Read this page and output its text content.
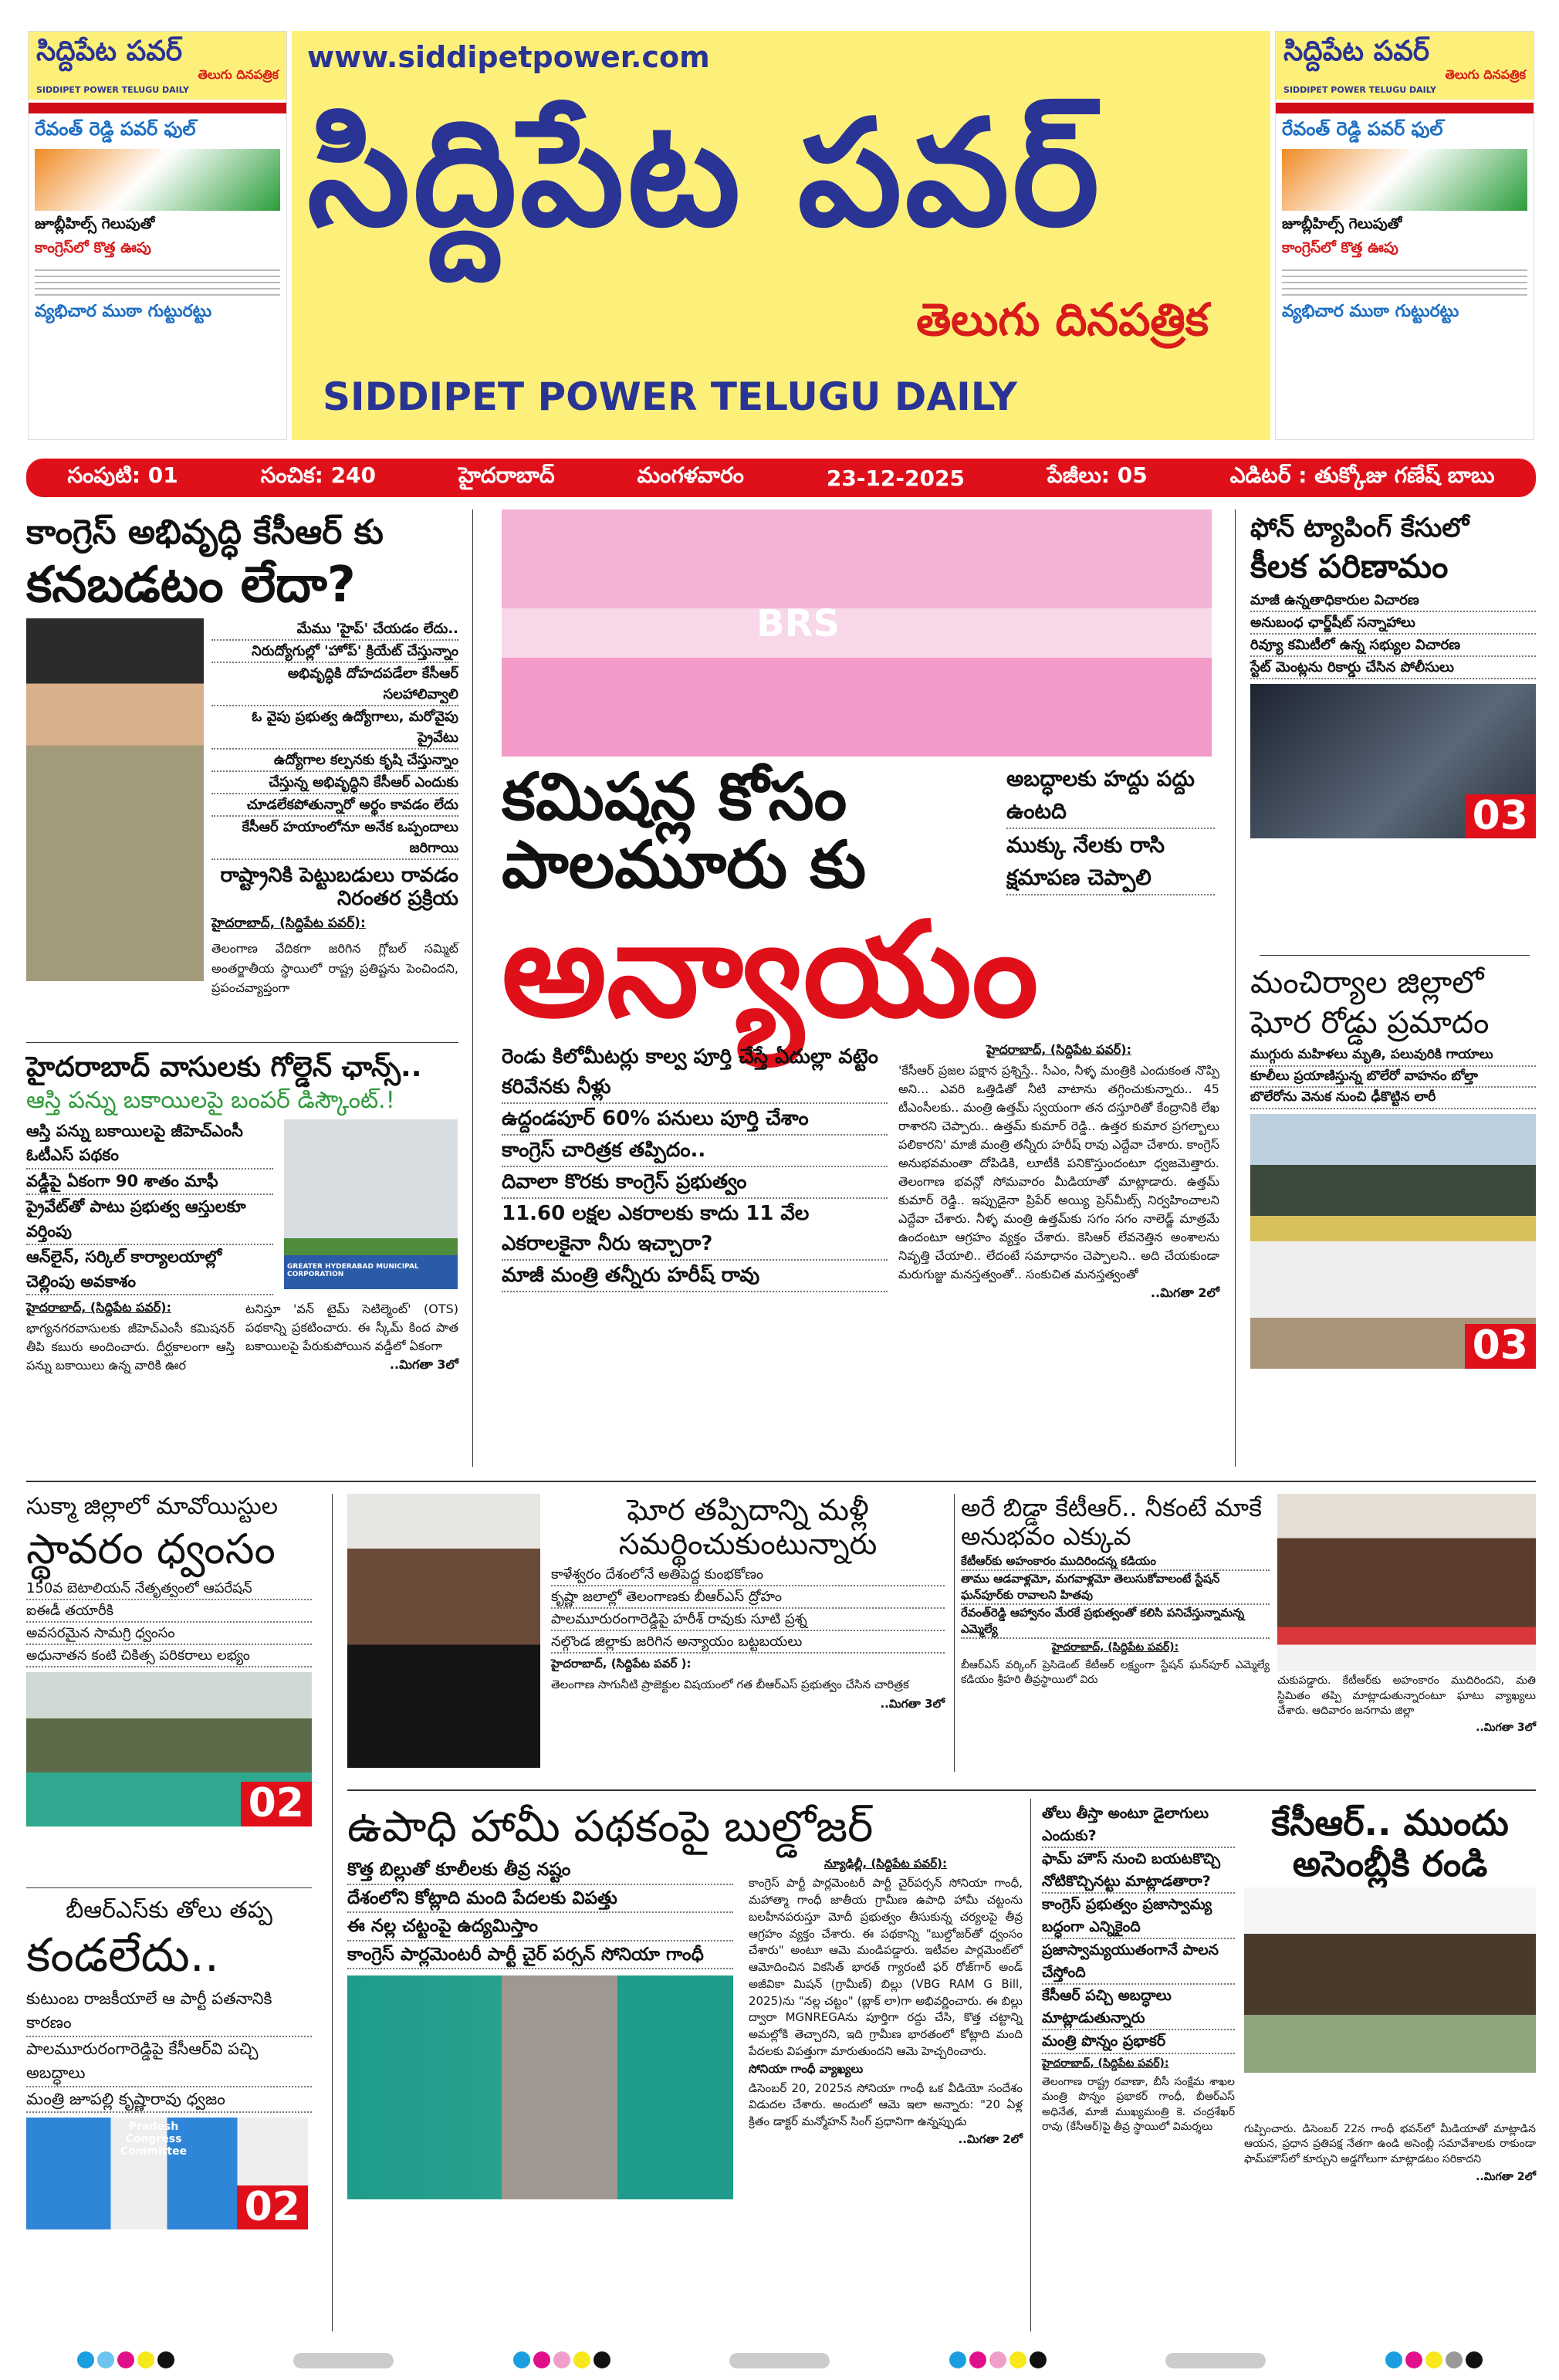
సిద్దిపేట పవర్
తెలుగు దినపత్రిక
SIDDIPET POWER TELUGU DAILY
రేవంత్ రెడ్డి పవర్ ఫుల్
జూబ్లీహిల్స్ గెలుపుతో
కాంగ్రెస్‌లో కొత్త ఊపు
వ్యభిచార ముఠా గుట్టురట్టు
www.siddipetpower.com
సిద్దిపేట పవర్
తెలుగు దినపత్రిక
SIDDIPET POWER TELUGU DAILY
సిద్దిపేట పవర్
తెలుగు దినపత్రిక
SIDDIPET POWER TELUGU DAILY
రేవంత్ రెడ్డి పవర్ ఫుల్
జూబ్లీహిల్స్ గెలుపుతో
కాంగ్రెస్‌లో కొత్త ఊపు
వ్యభిచార ముఠా గుట్టురట్టు
సంపుటి: 01	సంచిక: 240	హైదరాబాద్	మంగళవారం	23-12-2025	పేజీలు: 05	ఎడిటర్ : తుక్కోజు గణేష్ బాబు
కాంగ్రెస్ అభివృద్ధి కేసీఆర్ కు
కనబడటం లేదా?
మేము 'హైప్' చేయడం లేదు..
నిరుద్యోగుల్లో 'హోప్' క్రియేట్ చేస్తున్నాం
అభివృద్ధికి దోహదపడేలా కేసీఆర్ సలహాలివ్వాలి
ఓ వైపు ప్రభుత్వ ఉద్యోగాలు, మరోవైపు ప్రైవేటు
ఉద్యోగాల కల్పనకు కృషి చేస్తున్నాం
చేస్తున్న అభివృద్ధిని కేసీఆర్ ఎందుకు
చూడలేకపోతున్నారో అర్థం కావడం లేదు
కేసీఆర్ హయాంలోనూ అనేక ఒప్పందాలు జరిగాయి
రాష్ట్రానికి పెట్టుబడులు రావడం నిరంతర ప్రక్రియ
హైదరాబాద్, (సిద్దిపేట పవర్):
తెలంగాణ వేదికగా జరిగిన గ్లోబల్ సమ్మిట్ అంతర్జాతీయ స్థాయిలో రాష్ట్ర ప్రతిష్టను పెంచిందని, ప్రపంచవ్యాప్తంగా
హైదరాబాద్ వాసులకు గోల్డెన్ ఛాన్స్..
ఆస్తి పన్ను బకాయిలపై బంపర్ డిస్కౌంట్.!
ఆస్తి పన్ను బకాయిలపై జీహెచ్ఎంసీ ఓటీఎస్ పథకం
వడ్డీపై ఏకంగా 90 శాతం మాఫీ
ప్రైవేట్‌తో పాటు ప్రభుత్వ ఆస్తులకూ వర్తింపు
ఆన్‌లైన్, సర్కిల్ కార్యాలయాల్లో చెల్లింపు అవకాశం
GREATER HYDERABAD MUNICIPAL CORPORATION
హైదరాబాద్, (సిద్దిపేట పవర్):
భాగ్యనగరవాసులకు జీహెచ్ఎంసీ కమిషనర్ తీపి కబురు అందించారు. దీర్ఘకాలంగా ఆస్తి పన్ను బకాయిలు ఉన్న వారికి ఊర
టనిస్తూ 'వన్ టైమ్ సెటిల్మెంట్' (OTS) పథకాన్ని ప్రకటించారు. ఈ స్కీమ్ కింద పాత బకాయిలపై పేరుకుపోయిన వడ్డీలో ఏకంగా
..మిగతా 3లో
BRS
కమిషన్ల కోసం పాలమూరు కు
అబద్ధాలకు హద్దు పద్దు ఉంటది
ముక్కు నేలకు రాసి క్షమాపణ చెప్పాలి
అన్యాయం
రెండు కిలోమీటర్లు కాల్వ పూర్తి చేస్తే ఏదుల్లా వట్టెం కరివేనకు నీళ్లు
ఉద్దండపూర్ 60% పనులు పూర్తి చేశాం
కాంగ్రెస్ చారిత్రక తప్పిదం..
దివాలా కొరకు కాంగ్రెస్ ప్రభుత్వం
11.60 లక్షల ఎకరాలకు కాదు 11 వేల ఎకరాలకైనా నీరు ఇచ్చారా?
మాజీ మంత్రి తన్నీరు హరీష్ రావు
హైదరాబాద్, (సిద్దిపేట పవర్):
'కేసీఆర్ ప్రజల పక్షాన ప్రశ్నిస్తే.. సీఎం, నీళ్ళ మంత్రికి ఎందుకంత నొప్పి అని... ఎవరి ఒత్తిడితో నీటి వాటాను తగ్గించుకున్నారు.. 45 టీఎంసీలకు.. మంత్రి ఉత్తమ్ స్వయంగా తన దస్తూరితో కేంద్రానికి లేఖ రాశారని చెప్పారు.. ఉత్తమ్ కుమార్ రెడ్డి.. ఉత్తర కుమార ప్రగల్బాలు పలికారని' మాజీ మంత్రి తన్నీరు హరీష్ రావు ఎద్దేవా చేశారు. కాంగ్రెస్ అనుభవమంతా దోపిడికి, లూటీకి పనికొస్తుందంటూ ధ్వజమెత్తారు. తెలంగాణ భవన్లో సోమవారం మీడియాతో మాట్లాడారు. ఉత్తమ్ కుమార్ రెడ్డి.. ఇప్పుడైనా ప్రిపేర్ అయ్యి ప్రెస్‌మీట్స్ నిర్వహించాలని ఎద్దేవా చేశారు. నీళ్ళ మంత్రి ఉత్తమ్‌కు సగం సగం నాలెడ్జ్ మాత్రమే ఉందంటూ ఆగ్రహం వ్యక్తం చేశారు. కెసిఆర్ లేవనెత్తిన అంశాలను నివృత్తి చేయాలి.. లేదంటే సమాధానం చెప్పాలని.. అది చేయకుండా మరుగుజ్జు మనస్తత్వంతో.. సంకుచిత మనస్తత్వంతో
..మిగతా 2లో
ఫోన్ ట్యాపింగ్ కేసులో
కీలక పరిణామం
మాజీ ఉన్నతాధికారుల విచారణ
అనుబంధ ఛార్జ్‌షీట్ సన్నాహాలు
రివ్యూ కమిటీలో ఉన్న సభ్యుల విచారణ
స్టేట్ మెంట్లను రికార్డు చేసిన పోలీసులు
03
మంచిర్యాల జిల్లాలో
ఘోర రోడ్డు ప్రమాదం
ముగ్గురు మహిళలు మృతి, పలువురికి గాయాలు
కూలీలు ప్రయాణిస్తున్న బొలేరో వాహనం బోల్తా
బొలేరోను వెనుక నుంచి ఢీకొట్టిన లారీ
03
సుక్మా జిల్లాలో మావోయిస్టుల
స్థావరం ధ్వంసం
150వ బెటాలియన్ నేతృత్వంలో ఆపరేషన్
ఐఈడీ తయారీకి
అవసరమైన సామగ్రి ధ్వంసం
అధునాతన కంటి చికిత్స పరికరాలు లభ్యం
02
ఘోర తప్పిదాన్ని మళ్లీ సమర్థించుకుంటున్నారు
కాళేశ్వరం దేశంలోనే అతిపెద్ద కుంభకోణం
కృష్ణా జలాల్లో తెలంగాణకు బీఆర్ఎస్ ద్రోహం
పాలమూరురంగారెడ్డిపై హరీశ్ రావుకు సూటి ప్రశ్న
నల్గొండ జిల్లాకు జరిగిన అన్యాయం బట్టబయలు
హైదరాబాద్, (సిద్దిపేట పవర్ ):
తెలంగాణ సాగునీటి ప్రాజెక్టుల విషయంలో గత బీఆర్ఎస్ ప్రభుత్వం చేసిన చారిత్రక
..మిగతా 3లో
అరే బిడ్డా కేటీఆర్.. నీకంటే మాకే అనుభవం ఎక్కువ
కేటీఆర్‌కు అహంకారం ముదిరిందన్న కడియం
తాము ఆడవాళ్లమో, మగవాళ్లమో తెలుసుకోవాలంటే స్టేషన్ ఘన్‌పూర్‌కు రావాలని హితవు
రేవంత్‌రెడ్డి ఆహ్వానం మేరకే ప్రభుత్వంతో కలిసి పనిచేస్తున్నామన్న ఎమ్మెల్యే
హైదరాబాద్, (సిద్దిపేట పవర్):
బీఆర్ఎస్ వర్కింగ్ ప్రెసిడెంట్ కేటీఆర్ లక్ష్యంగా స్టేషన్ ఘన్‌పూర్ ఎమ్మెల్యే కడియం శ్రీహరి తీవ్రస్థాయిలో విరు	చుకుపడ్డారు. కేటీఆర్‌కు అహంకారం ముదిరిందని, మతి స్థిమితం తప్పి మాట్లాడుతున్నారంటూ ఘాటు వ్యాఖ్యలు చేశారు. ఆదివారం జనగామ జిల్లా
..మిగతా 3లో
బీఆర్ఎస్‌కు తోలు తప్ప
కండలేదు..
కుటుంబ రాజకీయాలే ఆ పార్టీ పతనానికి కారణం
పాలమూరురంగారెడ్డిపై కేసీఆర్‌వి పచ్చి అబద్ధాలు
మంత్రి జూపల్లి కృష్ణారావు ధ్వజం
Pradesh Congress Committee
02
ఉపాధి హామీ పథకంపై బుల్డోజర్
కొత్త బిల్లుతో కూలీలకు తీవ్ర నష్టం
దేశంలోని కోట్లాది మంది పేదలకు విపత్తు
ఈ నల్ల చట్టంపై ఉద్యమిస్తాం
కాంగ్రెస్ పార్లమెంటరీ పార్టీ చైర్ పర్సన్ సోనియా గాంధీ
న్యూఢిల్లీ, (సిద్దిపేట పవర్):
కాంగ్రెస్ పార్టీ పార్లమెంటరీ పార్టీ చైర్‌పర్సన్ సోనియా గాంధీ, మహాత్మా గాంధీ జాతీయ గ్రామీణ ఉపాధి హామీ చట్టంను బలహీనపరుస్తూ మోదీ ప్రభుత్వం తీసుకున్న చర్యలపై తీవ్ర ఆగ్రహం వ్యక్తం చేశారు. ఈ పథకాన్ని "బుల్డోజర్‌తో ధ్వంసం చేశారు" అంటూ ఆమె మండిపడ్డారు. ఇటీవల పార్లమెంట్‌లో ఆమోదించిన వికసిత్ భారత్ గ్యారంటీ ఫర్ రోజ్‌గార్ అండ్ అజీవికా మిషన్ (గ్రామీణ్) బిల్లు (VBG RAM G Bill, 2025)ను "నల్ల చట్టం" (బ్లాక్ లా)గా అభివర్ణించారు. ఈ బిల్లు ద్వారా MGNREGAను పూర్తిగా రద్దు చేసి, కొత్త చట్టాన్ని అమల్లోకి తెచ్చారని, ఇది గ్రామీణ భారతంలో కోట్లాది మంది పేదలకు విపత్తుగా మారుతుందని ఆమె హెచ్చరించారు.
సోనియా గాంధీ వ్యాఖ్యలు
డిసెంబర్ 20, 2025న సోనియా గాంధీ ఒక వీడియో సందేశం విడుదల చేశారు. అందులో ఆమె ఇలా అన్నారు: "20 ఏళ్ల క్రితం డాక్టర్ మన్మోహన్ సింగ్ ప్రధానిగా ఉన్నప్పుడు
..మిగతా 2లో
తోలు తీస్తా అంటూ డైలాగులు ఎందుకు?
ఫామ్ హౌస్ నుంచి బయటకొచ్చి నోటికొచ్చినట్టు మాట్లాడతారా?
కాంగ్రెస్ ప్రభుత్వం ప్రజాస్వామ్య బద్ధంగా ఎన్నికైంది
ప్రజాస్వామ్యయుతంగానే పాలన చేస్తోంది
కేసీఆర్ పచ్చి అబద్ధాలు మాట్లాడుతున్నారు
మంత్రి పొన్నం ప్రభాకర్
హైదరాబాద్, (సిద్దిపేట పవర్):
తెలంగాణ రాష్ట్ర రవాణా, బీసీ సంక్షేమ శాఖల మంత్రి పొన్నం ప్రభాకర్ గాంధీ, బీఆర్ఎస్ అధినేత, మాజీ ముఖ్యమంత్రి కె. చంద్రశేఖర్ రావు (కేసీఆర్)పై తీవ్ర స్థాయిలో విమర్శలు
కేసీఆర్.. ముందు అసెంబ్లీకి రండి
గుప్పించారు. డిసెంబర్ 22న గాంధీ భవన్‌లో మీడియాతో మాట్లాడిన ఆయన, ప్రధాన ప్రతిపక్ష నేతగా ఉండి అసెంబ్లీ సమావేశాలకు రాకుండా ఫామ్‌హౌస్‌లో కూర్చుని అడ్డగోలుగా మాట్లాడటం సరికాదని
..మిగతా 2లో
